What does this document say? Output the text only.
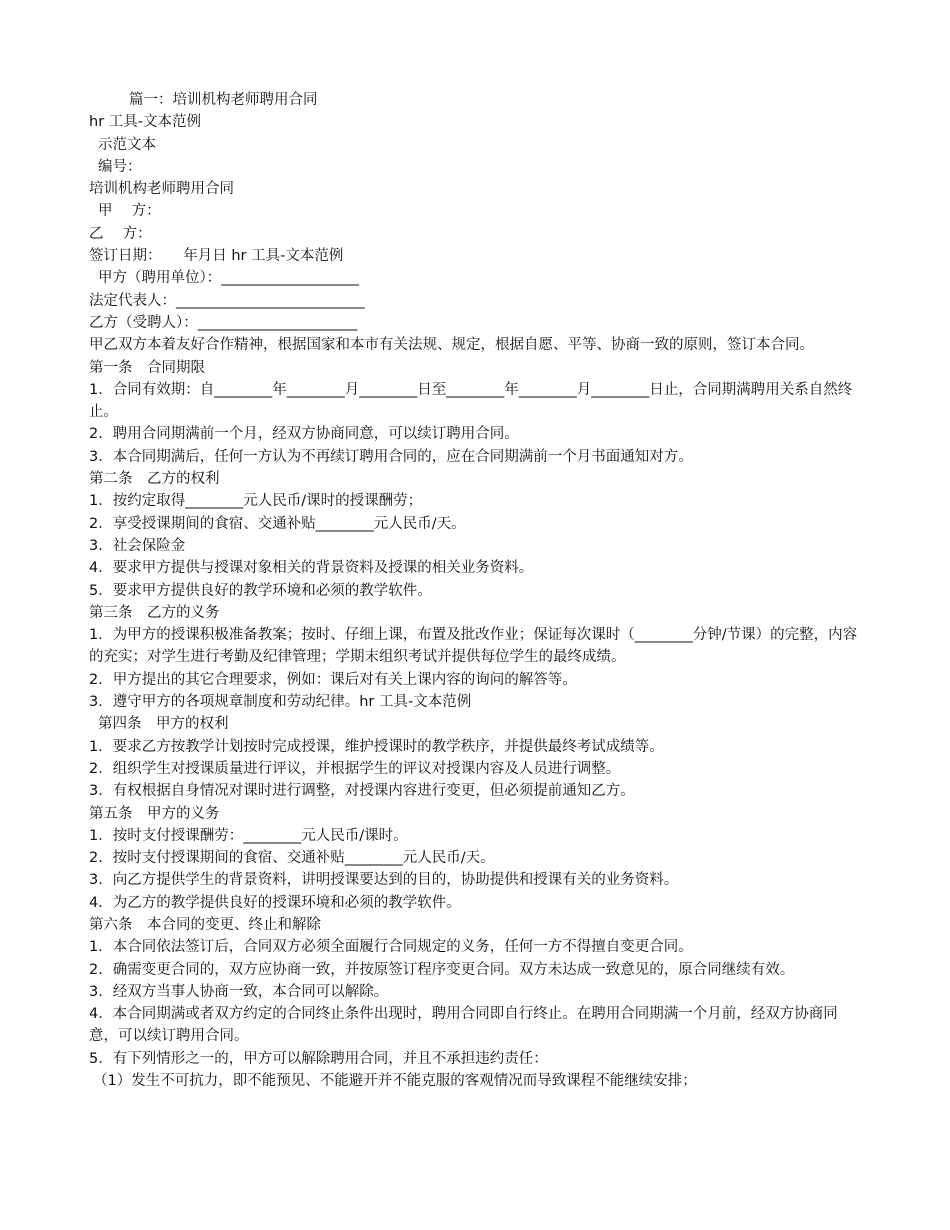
篇一：培训机构老师聘用合同

hr 工具-文本范例

示范文本

编号：

培训机构老师聘用合同

甲　 方：

乙　 方：

签订日期：　　年月日 hr 工具-文本范例

甲方（聘用单位）：___________________

法定代表人：__________________________

乙方（受聘人）：______________________

甲乙双方本着友好合作精神，根据国家和本市有关法规、规定，根据自愿、平等、协商一致的原则，签订本合同。

第一条　合同期限

1．合同有效期：自________年________月________日至________年________月________日止，合同期满聘用关系自然终止。

2．聘用合同期满前一个月，经双方协商同意，可以续订聘用合同。

3．本合同期满后，任何一方认为不再续订聘用合同的，应在合同期满前一个月书面通知对方。

第二条　乙方的权利

1．按约定取得________元人民币/课时的授课酬劳；

2．享受授课期间的食宿、交通补贴________元人民币/天。

3．社会保险金

4．要求甲方提供与授课对象相关的背景资料及授课的相关业务资料。

5．要求甲方提供良好的教学环境和必须的教学软件。

第三条　乙方的义务

1．为甲方的授课积极准备教案；按时、仔细上课，布置及批改作业；保证每次课时（________分钟/节课）的完整，内容的充实；对学生进行考勤及纪律管理；学期末组织考试并提供每位学生的最终成绩。

2．甲方提出的其它合理要求，例如：课后对有关上课内容的询问的解答等。

3．遵守甲方的各项规章制度和劳动纪律。hr 工具-文本范例

第四条　甲方的权利

1．要求乙方按教学计划按时完成授课，维护授课时的教学秩序，并提供最终考试成绩等。

2．组织学生对授课质量进行评议，并根据学生的评议对授课内容及人员进行调整。

3．有权根据自身情况对课时进行调整，对授课内容进行变更，但必须提前通知乙方。

第五条　甲方的义务

1．按时支付授课酬劳：________元人民币/课时。

2．按时支付授课期间的食宿、交通补贴________元人民币/天。

3．向乙方提供学生的背景资料，讲明授课要达到的目的，协助提供和授课有关的业务资料。

4．为乙方的教学提供良好的授课环境和必须的教学软件。

第六条　本合同的变更、终止和解除

1．本合同依法签订后，合同双方必须全面履行合同规定的义务，任何一方不得擅自变更合同。

2．确需变更合同的，双方应协商一致，并按原签订程序变更合同。双方未达成一致意见的，原合同继续有效。

3．经双方当事人协商一致，本合同可以解除。

4．本合同期满或者双方约定的合同终止条件出现时，聘用合同即自行终止。在聘用合同期满一个月前，经双方协商同意，可以续订聘用合同。

5．有下列情形之一的，甲方可以解除聘用合同，并且不承担违约责任：

（1）发生不可抗力，即不能预见、不能避开并不能克服的客观情况而导致课程不能继续安排；
